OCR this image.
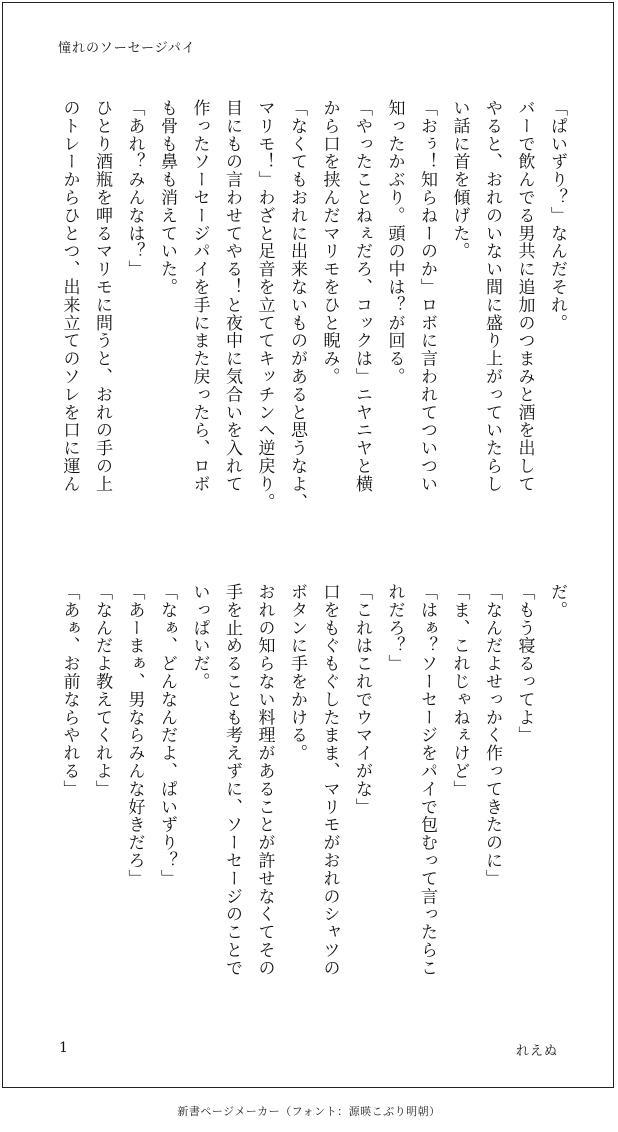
憧れのソーセージパイ
「ぱいずり？」なんだそれ。
バーで飲んでる男共に追加のつまみと酒を出して
やると、おれのいない間に盛り上がっていたらし
い話に首を傾げた。
「おぅ！知らねーのか」ロボに言われてついつい
知ったかぶり。頭の中は？が回る。
「やったことねぇだろ、コックは」ニヤニヤと横
から口を挟んだマリモをひと睨み。
「なくてもおれに出来ないものがあると思うなよ、
マリモ！」わざと足音を立ててキッチンへ逆戻り。
目にもの言わせてやる！と夜中に気合いを入れて
作ったソーセージパイを手にまた戻ったら、ロボ
も骨も鼻も消えていた。
「あれ？みんなは？」
ひとり酒瓶を呷るマリモに問うと、おれの手の上
のトレーからひとつ、出来立てのソレを口に運ん
だ。
「もう寝るってよ」
「なんだよせっかく作ってきたのに」
「ま、これじゃねぇけど」
「はぁ？ソーセージをパイで包むって言ったらこ
れだろ？」
「これはこれでウマイがな」
口をもぐもぐしたまま、マリモがおれのシャツの
ボタンに手をかける。
おれの知らない料理があることが許せなくてその
手を止めることも考えずに、ソーセージのことで
いっぱいだ。
「なぁ、どんなんだよ、ぱいずり？」
「あーまぁ、男ならみんな好きだろ」
「なんだよ教えてくれよ」
「あぁ、お前ならやれる」
1	れえぬ
新書ページメーカー（フォント：源暎こぶり明朝）
